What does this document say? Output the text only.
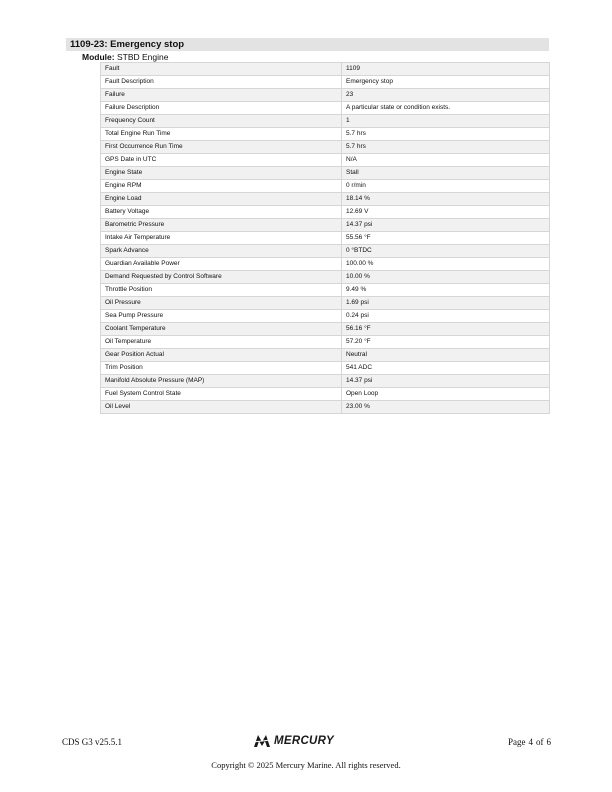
1109-23: Emergency stop
Module: STBD Engine
Fault	1109
Fault Description	Emergency stop
Failure	23
Failure Description	A particular state or condition exists.
Frequency Count	1
Total Engine Run Time	5.7 hrs
First Occurrence Run Time	5.7 hrs
GPS Date in UTC	N/A
Engine State	Stall
Engine RPM	0 r/min
Engine Load	18.14 %
Battery Voltage	12.69 V
Barometric Pressure	14.37 psi
Intake Air Temperature	55.56 °F
Spark Advance	0 °BTDC
Guardian Available Power	100.00 %
Demand Requested by Control Software	10.00 %
Throttle Position	9.49 %
Oil Pressure	1.69 psi
Sea Pump Pressure	0.24 psi
Coolant Temperature	56.16 °F
Oil Temperature	57.20 °F
Gear Position Actual	Neutral
Trim Position	541 ADC
Manifold Absolute Pressure (MAP)	14.37 psi
Fuel System Control State	Open Loop
Oil Level	23.00 %
CDS G3 v25.5.1	MERCURY	Page 4 of 6
Copyright © 2025 Mercury Marine. All rights reserved.
